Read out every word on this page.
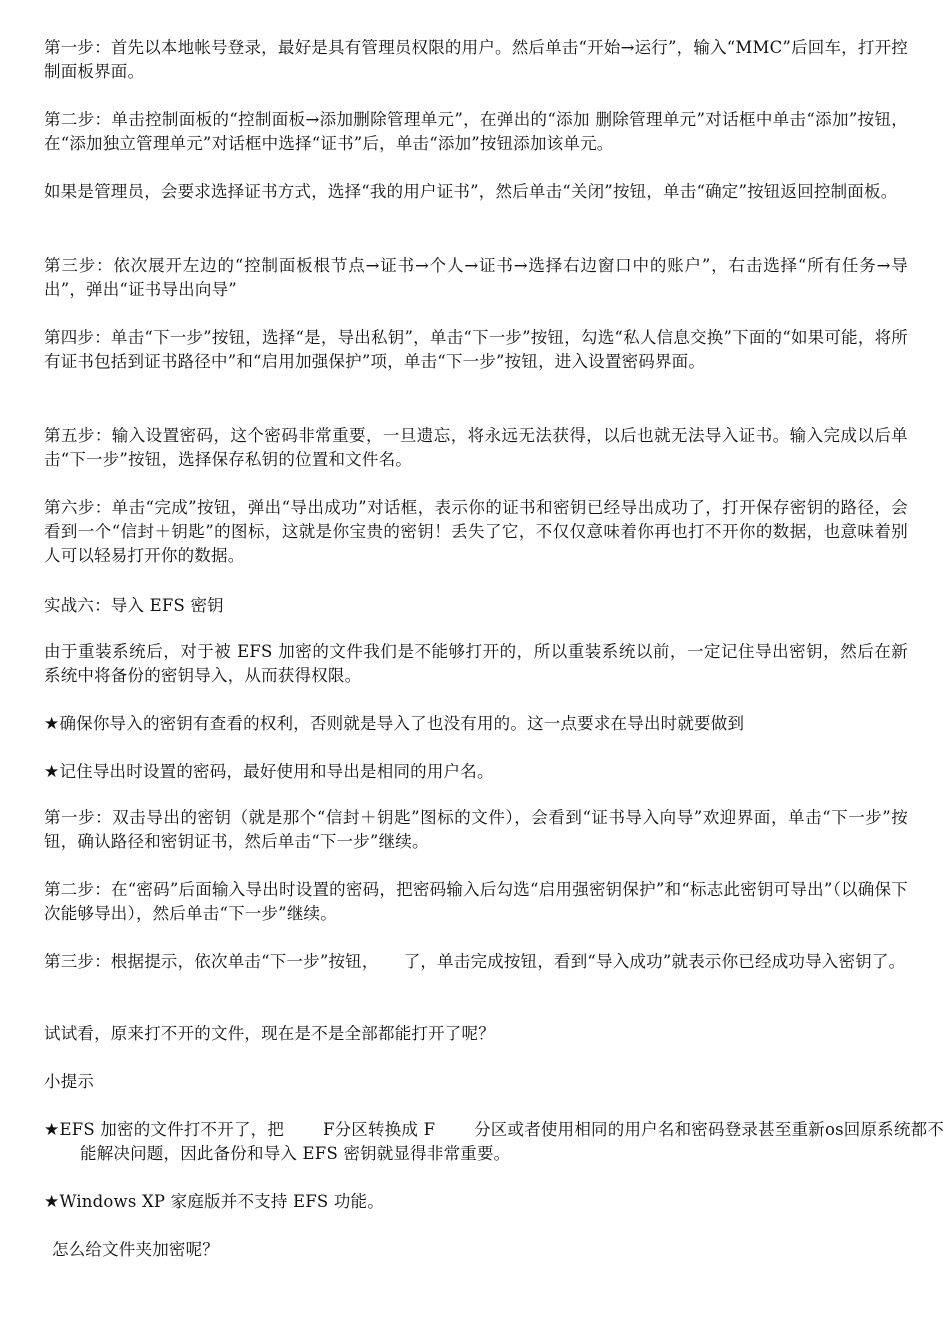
第一步：首先以本地帐号登录，最好是具有管理员权限的用户。然后单击“开始→运行”，输入“MMC”后回车，打开控制面板界面。

第二步：单击控制面板的“控制面板→添加删除管理单元”，在弹出的“添加 删除管理单元”对话框中单击“添加”按钮，在“添加独立管理单元”对话框中选择“证书”后，单击“添加”按钮添加该单元。

如果是管理员，会要求选择证书方式，选择“我的用户证书”，然后单击“关闭”按钮，单击“确定”按钮返回控制面板。

第三步：依次展开左边的“控制面板根节点→证书→个人→证书→选择右边窗口中的账户”，右击选择“所有任务→导出”，弹出“证书导出向导”

第四步：单击“下一步”按钮，选择“是，导出私钥”，单击“下一步”按钮，勾选“私人信息交换”下面的“如果可能，将所有证书包括到证书路径中”和“启用加强保护”项，单击“下一步”按钮，进入设置密码界面。

第五步：输入设置密码，这个密码非常重要，一旦遗忘，将永远无法获得，以后也就无法导入证书。输入完成以后单击“下一步”按钮，选择保存私钥的位置和文件名。

第六步：单击“完成”按钮，弹出“导出成功”对话框，表示你的证书和密钥已经导出成功了，打开保存密钥的路径，会看到一个“信封＋钥匙”的图标，这就是你宝贵的密钥！丢失了它，不仅仅意味着你再也打不开你的数据，也意味着别人可以轻易打开你的数据。

实战六：导入 EFS 密钥

由于重装系统后，对于被 EFS 加密的文件我们是不能够打开的，所以重装系统以前，一定记住导出密钥，然后在新系统中将备份的密钥导入，从而获得权限。

★确保你导入的密钥有查看的权利，否则就是导入了也没有用的。这一点要求在导出时就要做到

★记住导出时设置的密码，最好使用和导出是相同的用户名。

第一步：双击导出的密钥（就是那个“信封＋钥匙”图标的文件），会看到“证书导入向导”欢迎界面，单击“下一步”按钮，确认路径和密钥证书，然后单击“下一步”继续。

第二步：在“密码”后面输入导出时设置的密码，把密码输入后勾选“启用强密钥保护”和“标志此密钥可导出”（以确保下次能够导出），然后单击“下一步”继续。

第三步：根据提示，依次单击“下一步”按钮，　　了，单击完成按钮，看到“导入成功”就表示你已经成功导入密钥了。

试试看，原来打不开的文件，现在是不是全部都能打开了呢？

小提示

★EFS 加密的文件打不开了，把　　 F分区转换成 F　　 分区或者使用相同的用户名和密码登录甚至重新os回原系统都不能解决问题，因此备份和导入 EFS 密钥就显得非常重要。

★Windows XP 家庭版并不支持 EFS 功能。

怎么给文件夹加密呢？
